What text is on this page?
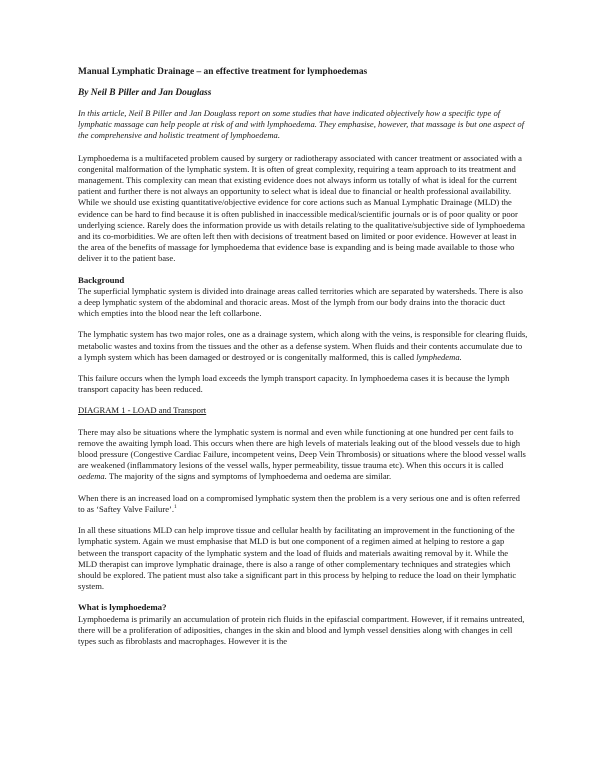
Manual Lymphatic Drainage – an effective treatment for lymphoedemas
By Neil B Piller and Jan Douglass
In this article, Neil B Piller and Jan Douglass report on some studies that have indicated objectively how a specific type of lymphatic massage can help people at risk of and with lymphoedema. They emphasise, however, that massage is but one aspect of the comprehensive and holistic treatment of lymphoedema.

Lymphoedema is a multifaceted problem caused by surgery or radiotherapy associated with cancer treatment or associated with a congenital malformation of the lymphatic system. It is often of great complexity, requiring a team approach to its treatment and management. This complexity can mean that existing evidence does not always inform us totally of what is ideal for the current patient and further there is not always an opportunity to select what is ideal due to financial or health professional availability. While we should use existing quantitative/objective evidence for core actions such as Manual Lymphatic Drainage (MLD) the evidence can be hard to find because it is often published in inaccessible medical/scientific journals or is of poor quality or poor underlying science. Rarely does the information provide us with details relating to the qualitative/subjective side of lymphoedema and its co-morbidities. We are often left then with decisions of treatment based on limited or poor evidence. However at least in the area of the benefits of massage for lymphoedema that evidence base is expanding and is being made available to those who deliver it to the patient base.

Background

The superficial lymphatic system is divided into drainage areas called territories which are separated by watersheds. There is also a deep lymphatic system of the abdominal and thoracic areas. Most of the lymph from our body drains into the thoracic duct which empties into the blood near the left collarbone.

The lymphatic system has two major roles, one as a drainage system, which along with the veins, is responsible for clearing fluids, metabolic wastes and toxins from the tissues and the other as a defense system. When fluids and their contents accumulate due to a lymph system which has been damaged or destroyed or is congenitally malformed, this is called lymphedema.

This failure occurs when the lymph load exceeds the lymph transport capacity. In lymphoedema cases it is because the lymph transport capacity has been reduced.

DIAGRAM 1 - LOAD and Transport

There may also be situations where the lymphatic system is normal and even while functioning at one hundred per cent fails to remove the awaiting lymph load. This occurs when there are high levels of materials leaking out of the blood vessels due to high blood pressure (Congestive Cardiac Failure, incompetent veins, Deep Vein Thrombosis) or situations where the blood vessel walls are weakened (inflammatory lesions of the vessel walls, hyper permeability, tissue trauma etc). When this occurs it is called oedema. The majority of the signs and symptoms of lymphoedema and oedema are similar.

When there is an increased load on a compromised lymphatic system then the problem is a very serious one and is often referred to as ‘Saftey Valve Failure’.$^1$

In all these situations MLD can help improve tissue and cellular health by facilitating an improvement in the functioning of the lymphatic system. Again we must emphasise that MLD is but one component of a regimen aimed at helping to restore a gap between the transport capacity of the lymphatic system and the load of fluids and materials awaiting removal by it. While the MLD therapist can improve lymphatic drainage, there is also a range of other complementary techniques and strategies which should be explored. The patient must also take a significant part in this process by helping to reduce the load on their lymphatic system.

What is lymphoedema?

Lymphoedema is primarily an accumulation of protein rich fluids in the epifascial compartment. However, if it remains untreated, there will be a proliferation of adiposities, changes in the skin and blood and lymph vessel densities along with changes in cell types such as fibroblasts and macrophages. However it is the
